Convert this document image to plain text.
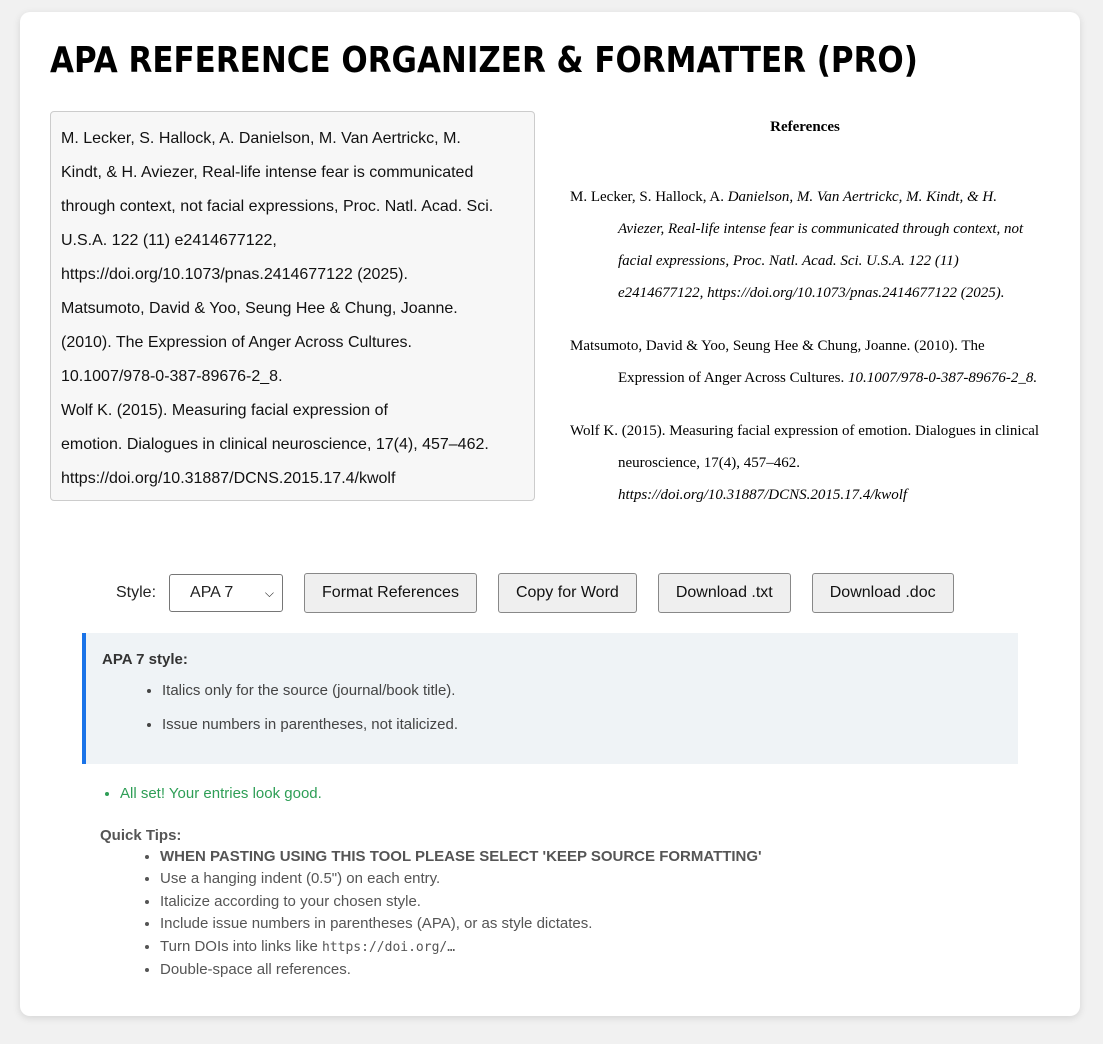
APA REFERENCE ORGANIZER & FORMATTER (PRO)
M. Lecker, S. Hallock, A. Danielson, M. Van Aertrickc, M.
Kindt, & H. Aviezer, Real-life intense fear is communicated
through context, not facial expressions, Proc. Natl. Acad. Sci.
U.S.A. 122 (11) e2414677122,
https://doi.org/10.1073/pnas.2414677122 (2025).
Matsumoto, David & Yoo, Seung Hee & Chung, Joanne.
(2010). The Expression of Anger Across Cultures.
10.1007/978-0-387-89676-2_8.
Wolf K. (2015). Measuring facial expression of
emotion. Dialogues in clinical neuroscience, 17(4), 457–462.
https://doi.org/10.31887/DCNS.2015.17.4/kwolf

References

M. Lecker, S. Hallock, A. Danielson, M. Van Aertrickc, M. Kindt, & H. Aviezer, Real-life intense fear is communicated through context, not facial expressions, Proc. Natl. Acad. Sci. U.S.A. 122 (11) e2414677122, https://doi.org/10.1073/pnas.2414677122 (2025).

Matsumoto, David & Yoo, Seung Hee & Chung, Joanne. (2010). The Expression of Anger Across Cultures. 10.1007/978-0-387-89676-2_8.

Wolf K. (2015). Measuring facial expression of emotion. Dialogues in clinical neuroscience, 17(4), 457–462. https://doi.org/10.31887/DCNS.2015.17.4/kwolf

Style: APA 7	⌵	Format References	Copy for Word	Download .txt	Download .doc

APA 7 style:

• Italics only for the source (journal/book title).
• Issue numbers in parentheses, not italicized.
• All set! Your entries look good.

Quick Tips:

• WHEN PASTING USING THIS TOOL PLEASE SELECT 'KEEP SOURCE FORMATTING'
• Use a hanging indent (0.5") on each entry.
• Italicize according to your chosen style.
• Include issue numbers in parentheses (APA), or as style dictates.
• Turn DOIs into links like https://doi.org/…
• Double-space all references.
